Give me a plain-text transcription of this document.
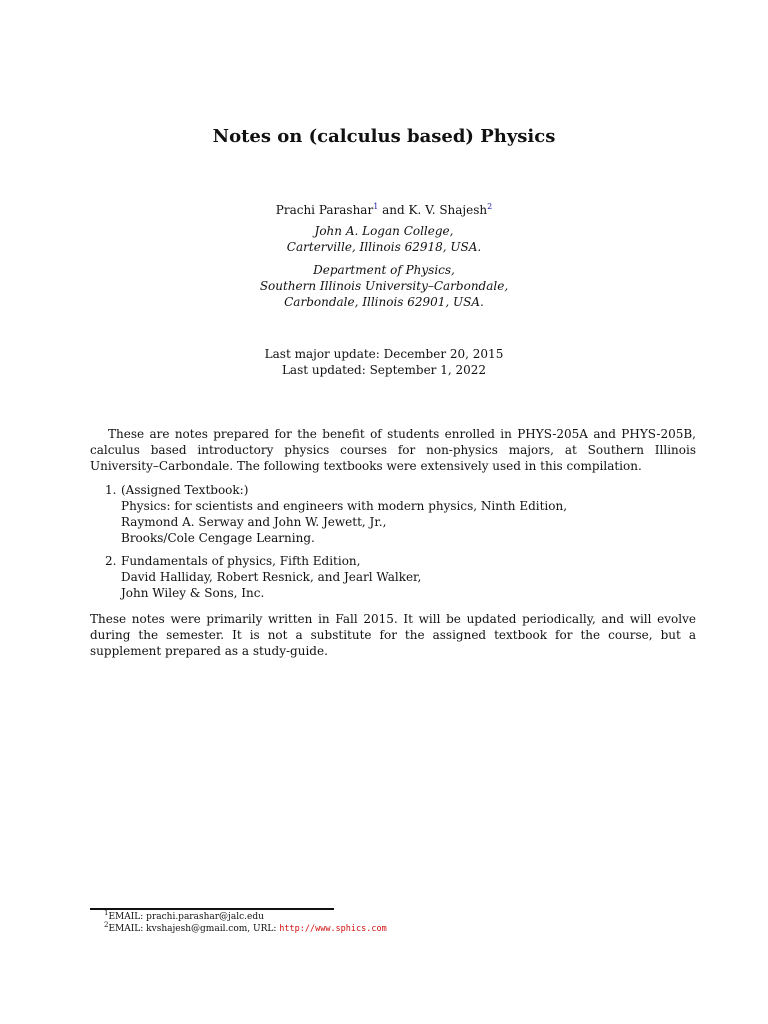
Notes on (calculus based) Physics
Prachi Parashar$^1$ and K. V. Shajesh$^2$
John A. Logan College,
Carterville, Illinois 62918, USA.
Department of Physics,
Southern Illinois University–Carbondale,
Carbondale, Illinois 62901, USA.
Last major update: December 20, 2015
Last updated: September 1, 2022

These are notes prepared for the benefit of students enrolled in PHYS-205A and PHYS-205B, calculus based introductory physics courses for non-physics majors, at Southern Illinois University–Carbondale. The following textbooks were extensively used in this compilation.

1. (Assigned Textbook:)
Physics: for scientists and engineers with modern physics, Ninth Edition,
Raymond A. Serway and John W. Jewett, Jr.,
Brooks/Cole Cengage Learning.
2. Fundamentals of physics, Fifth Edition,
David Halliday, Robert Resnick, and Jearl Walker,
John Wiley & Sons, Inc.

These notes were primarily written in Fall 2015. It will be updated periodically, and will evolve during the semester. It is not a substitute for the assigned textbook for the course, but a supplement prepared as a study-guide.

$^1$EMAIL: prachi.parashar@jalc.edu
$^2$EMAIL: kvshajesh@gmail.com, URL: http://www.sphics.com
